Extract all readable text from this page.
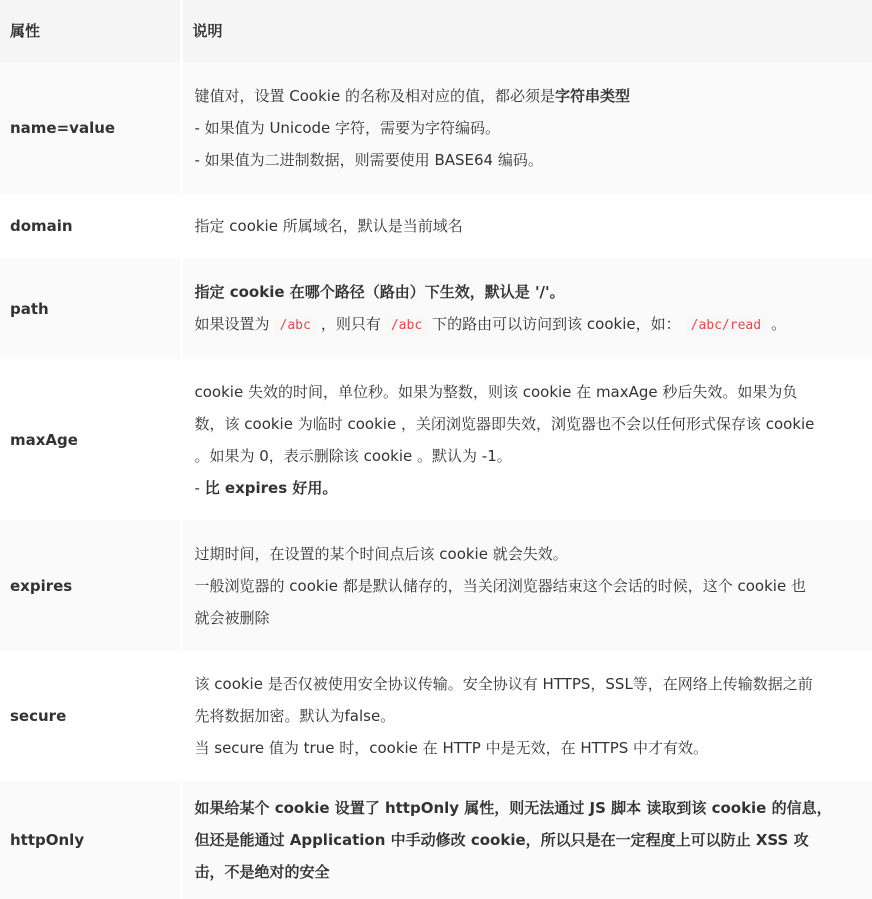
属性	说明
name=value	键值对，设置 Cookie 的名称及相对应的值，都必须是字符串类型
- 如果值为 Unicode 字符，需要为字符编码。
- 如果值为二进制数据，则需要使用 BASE64 编码。

domain	指定 cookie 所属域名，默认是当前域名

path	指定 cookie 在哪个路径（路由）下生效，默认是 '/'。
如果设置为 /abc ，则只有 /abc 下的路由可以访问到该 cookie，如： /abc/read 。

maxAge	cookie 失效的时间，单位秒。如果为整数，则该 cookie 在 maxAge 秒后失效。如果为负
数，该 cookie 为临时 cookie ，关闭浏览器即失效，浏览器也不会以任何形式保存该 cookie
。如果为 0，表示删除该 cookie 。默认为 -1。
- 比 expires 好用。

expires	过期时间，在设置的某个时间点后该 cookie 就会失效。
一般浏览器的 cookie 都是默认储存的，当关闭浏览器结束这个会话的时候，这个 cookie 也
就会被删除

secure	该 cookie 是否仅被使用安全协议传输。安全协议有 HTTPS，SSL等，在网络上传输数据之前
先将数据加密。默认为false。
当 secure 值为 true 时，cookie 在 HTTP 中是无效，在 HTTPS 中才有效。

httpOnly	如果给某个 cookie 设置了 httpOnly 属性，则无法通过 JS 脚本 读取到该 cookie 的信息，
但还是能通过 Application 中手动修改 cookie，所以只是在一定程度上可以防止 XSS 攻
击，不是绝对的安全
